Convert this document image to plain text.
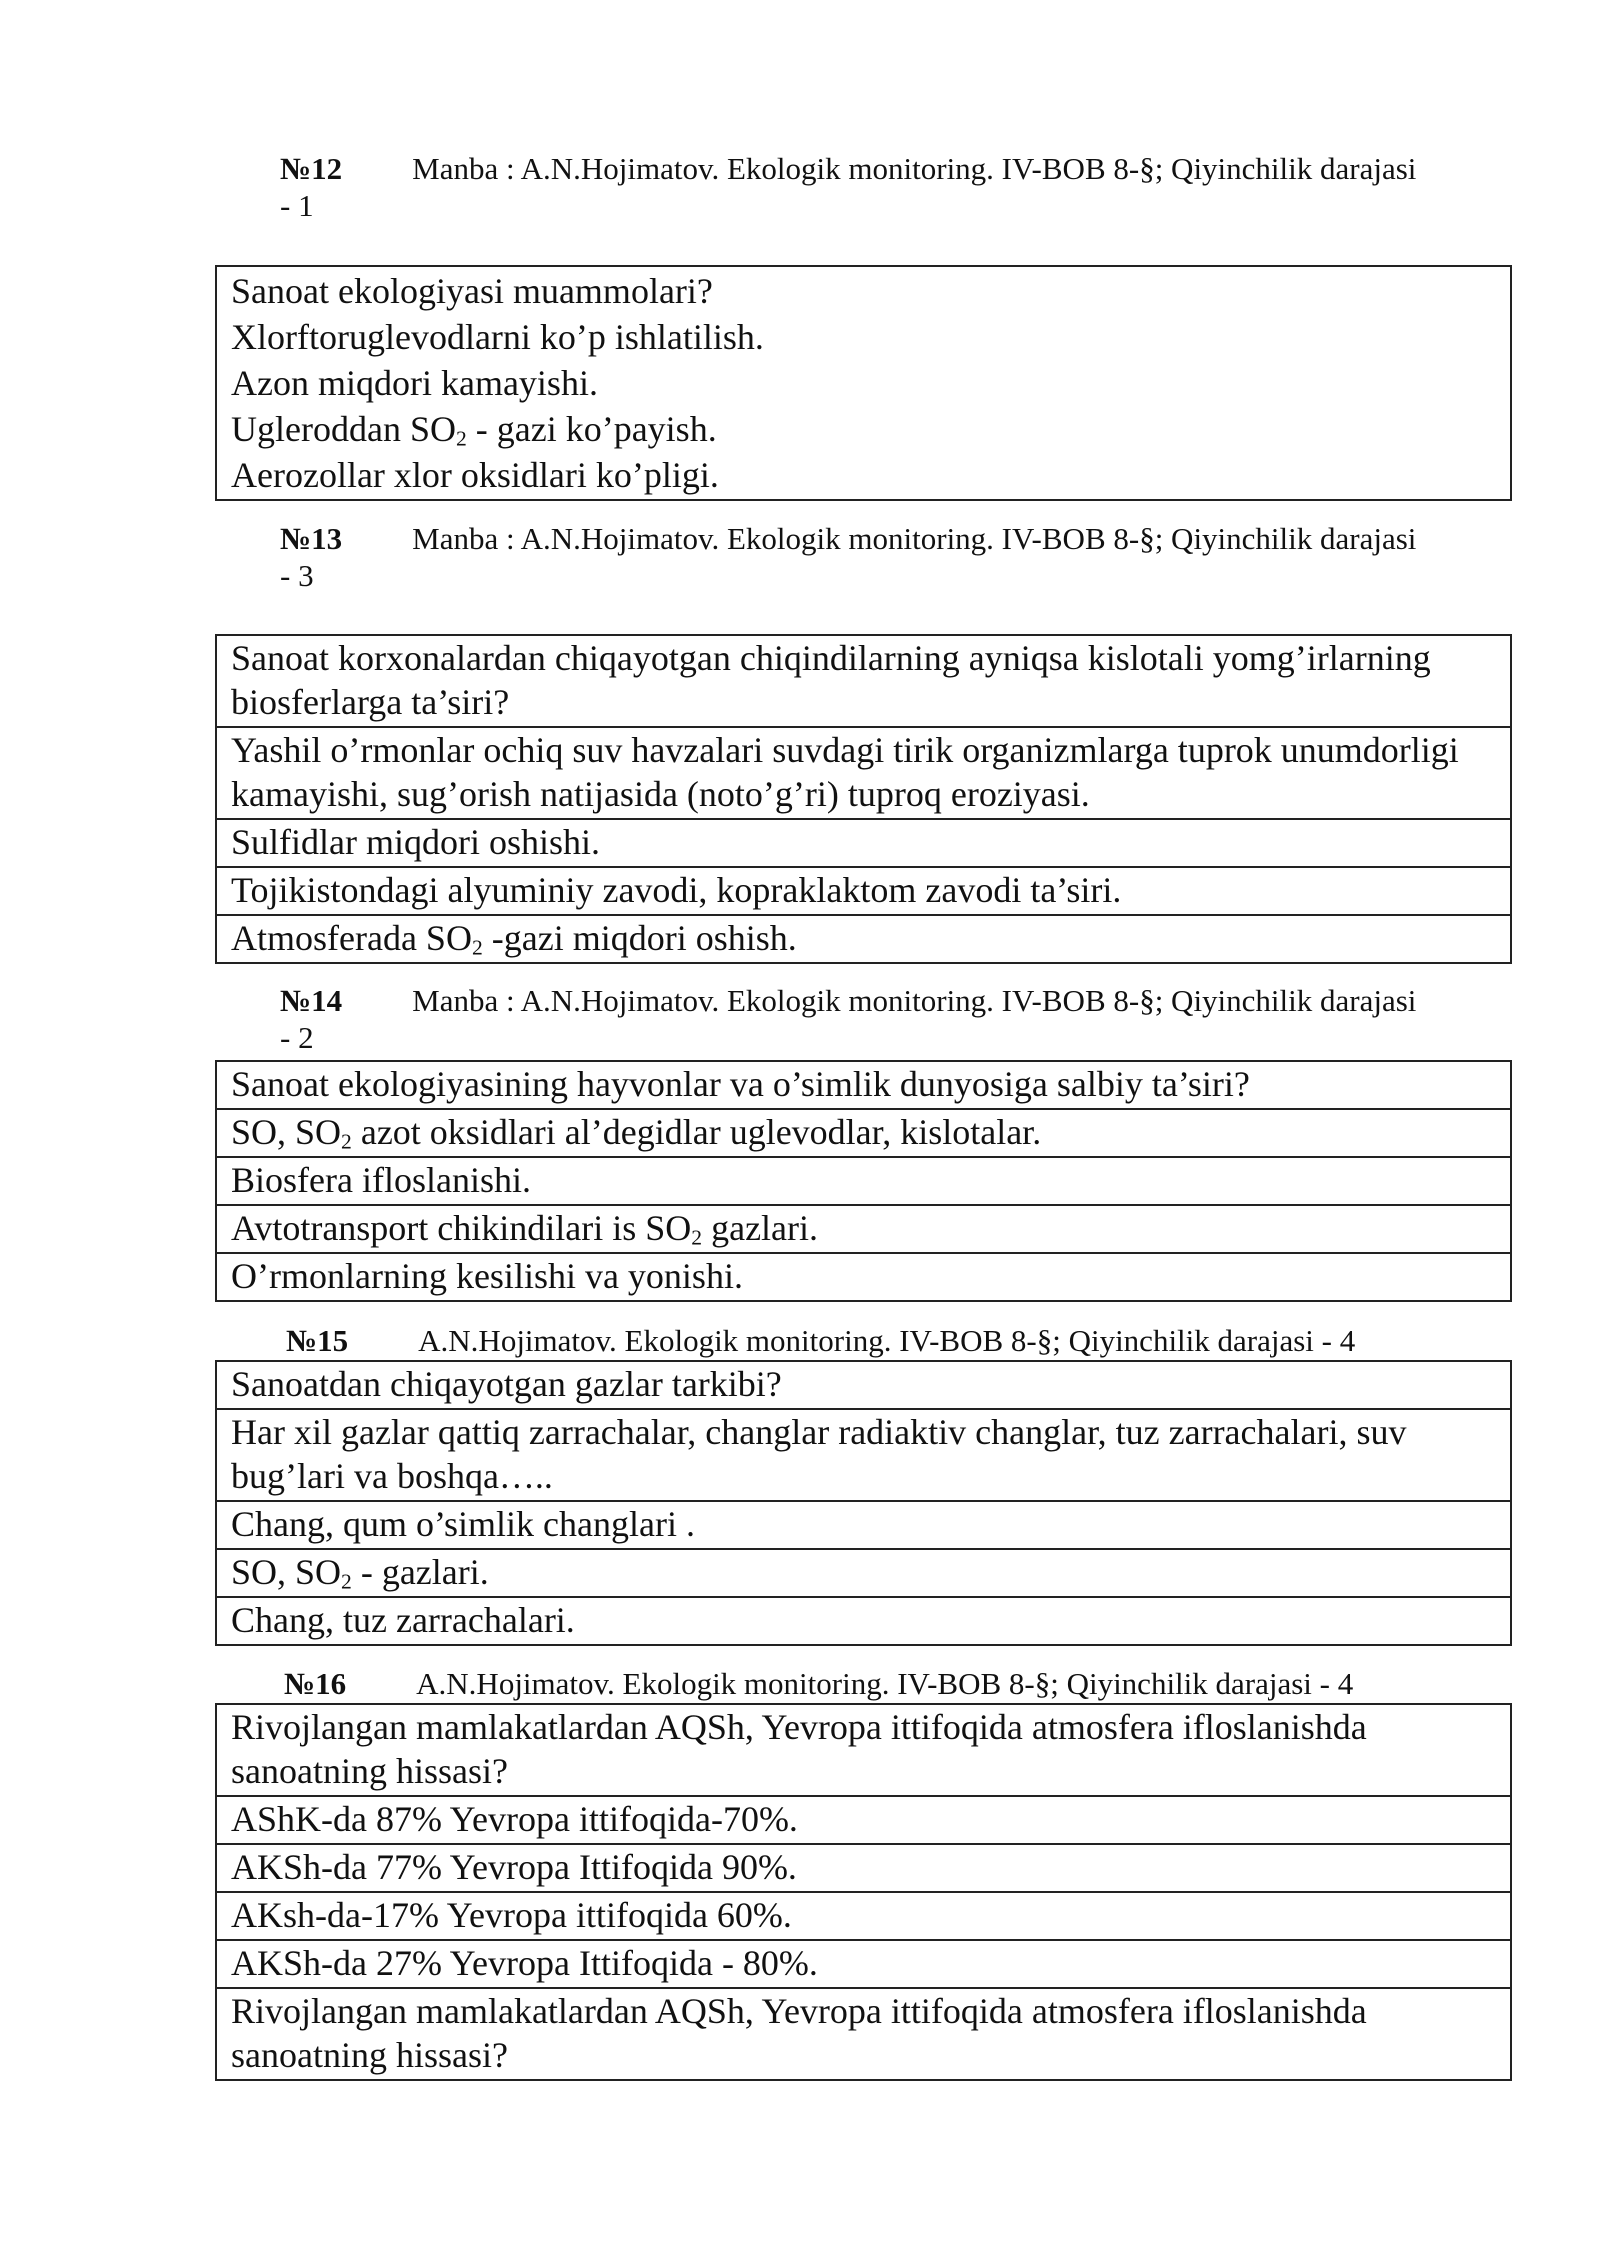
№12 Manba : A.N.Hojimatov. Ekologik monitoring. IV-BOB 8-§; Qiyinchilik darajasi - 1
Sanoat ekologiyasi muammolari?
Xlorftoruglevodlarni ko’p ishlatilish.
Azon miqdori kamayishi.
Ugleroddan SO2 - gazi ko’payish.
Aerozollar xlor oksidlari ko’pligi.
№13 Manba : A.N.Hojimatov. Ekologik monitoring. IV-BOB 8-§; Qiyinchilik darajasi - 3
Sanoat korxonalardan chiqayotgan chiqindilarning ayniqsa kislotali yomg’irlarning biosferlarga ta’siri?
Yashil o’rmonlar ochiq suv havzalari suvdagi tirik organizmlarga tuprok unumdorligi kamayishi, sug’orish natijasida (noto’g’ri) tuproq eroziyasi.
Sulfidlar miqdori oshishi.
Tojikistondagi alyuminiy zavodi, kopraklaktom zavodi ta’siri.
Atmosferada SO2 -gazi miqdori oshish.
№14 Manba : A.N.Hojimatov. Ekologik monitoring. IV-BOB 8-§; Qiyinchilik darajasi - 2
Sanoat ekologiyasining hayvonlar va o’simlik dunyosiga salbiy ta’siri?
SO, SO2 azot oksidlari al’degidlar uglevodlar, kislotalar.
Biosfera ifloslanishi.
Avtotransport chikindilari is SO2 gazlari.
O’rmonlarning kesilishi va yonishi.
№15 A.N.Hojimatov. Ekologik monitoring. IV-BOB 8-§; Qiyinchilik darajasi - 4
Sanoatdan chiqayotgan gazlar tarkibi?
Har xil gazlar qattiq zarrachalar, changlar radiaktiv changlar, tuz zarrachalari, suv bug’lari va boshqa…..
Chang, qum o’simlik changlari .
SO, SO2 - gazlari.
Chang, tuz zarrachalari.
№16 A.N.Hojimatov. Ekologik monitoring. IV-BOB 8-§; Qiyinchilik darajasi - 4
Rivojlangan mamlakatlardan AQSh, Yevropa ittifoqida atmosfera ifloslanishda sanoatning hissasi?
AShK-da 87% Yevropa ittifoqida-70%.
AKSh-da 77% Yevropa Ittifoqida 90%.
AKsh-da-17% Yevropa ittifoqida 60%.
AKSh-da 27% Yevropa Ittifoqida - 80%.
Rivojlangan mamlakatlardan AQSh, Yevropa ittifoqida atmosfera ifloslanishda sanoatning hissasi?
